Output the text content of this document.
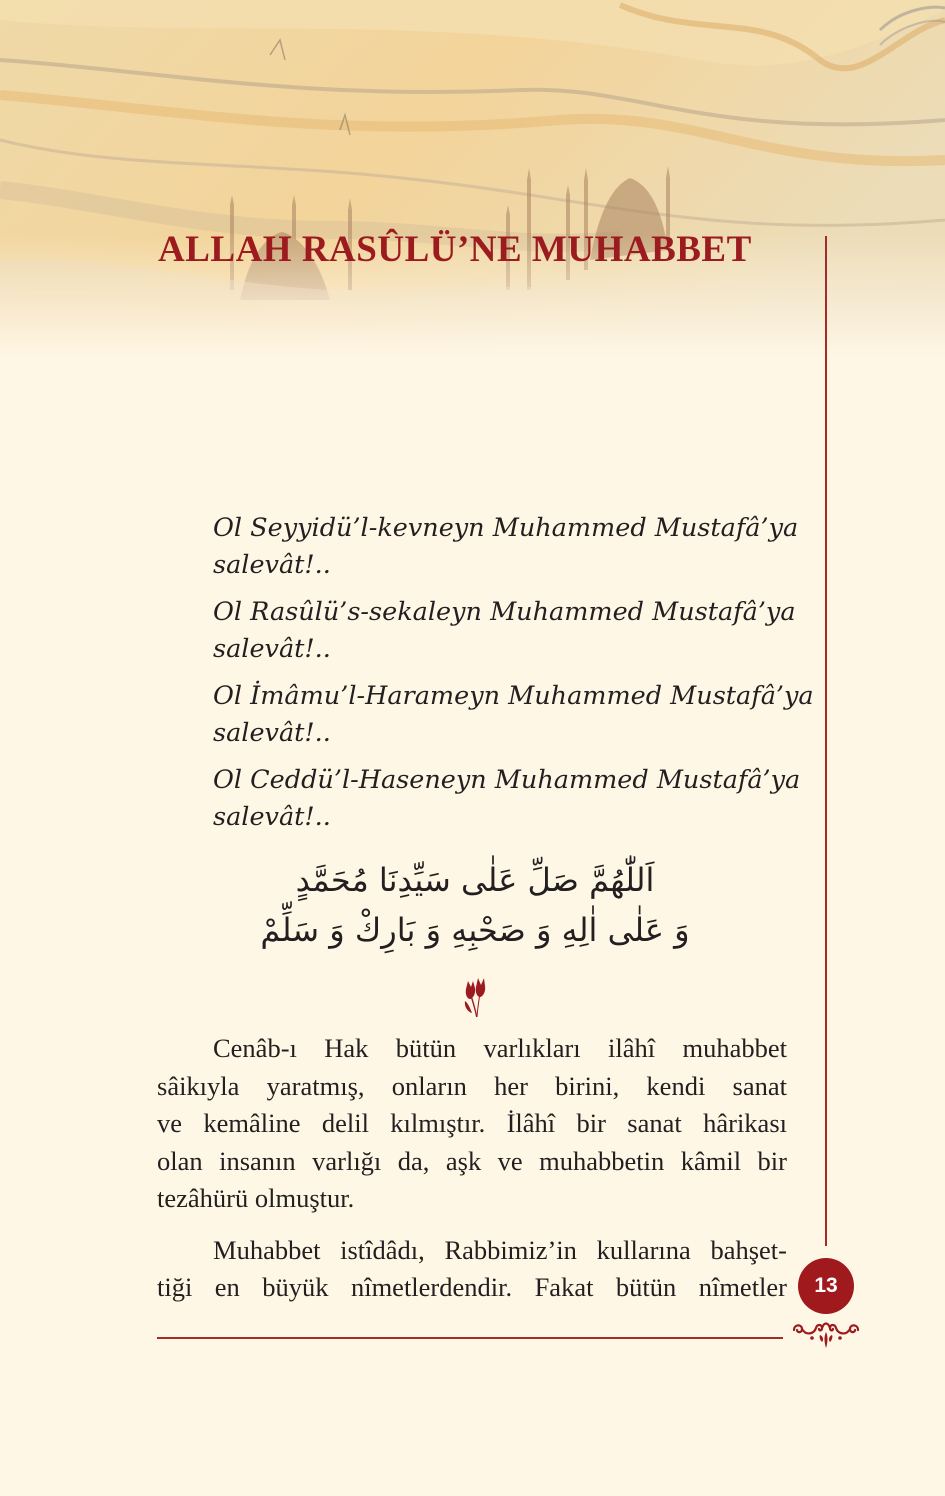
ALLAH RASÛLÜ’NE MUHABBET
Ol Seyyidü’l-kevneyn Muhammed Mustafâ’ya
salevât!..
Ol Rasûlü’s-sekaleyn Muhammed Mustafâ’ya
salevât!..
Ol İmâmu’l-Harameyn Muhammed Mustafâ’ya
salevât!..
Ol Ceddü’l-Haseneyn Muhammed Mustafâ’ya
salevât!..
اَللّٰهُمَّ صَلِّ عَلٰى سَيِّدِنَا مُحَمَّدٍ
وَ عَلٰى اٰلِهِ وَ صَحْبِهِ وَ بَارِكْ وَ سَلِّمْ

Cenâb-ı Hak bütün varlıkları ilâhî muhabbet
sâikıyla yaratmış, onların her birini, kendi sanat
ve kemâline delil kılmıştır. İlâhî bir sanat hârikası
olan insanın varlığı da, aşk ve muhabbetin kâmil bir
tezâhürü olmuştur.

Muhabbet istîdâdı, Rabbimiz’in kullarına bahşet-
tiği en büyük nîmetlerdendir. Fakat bütün nîmetler	13
